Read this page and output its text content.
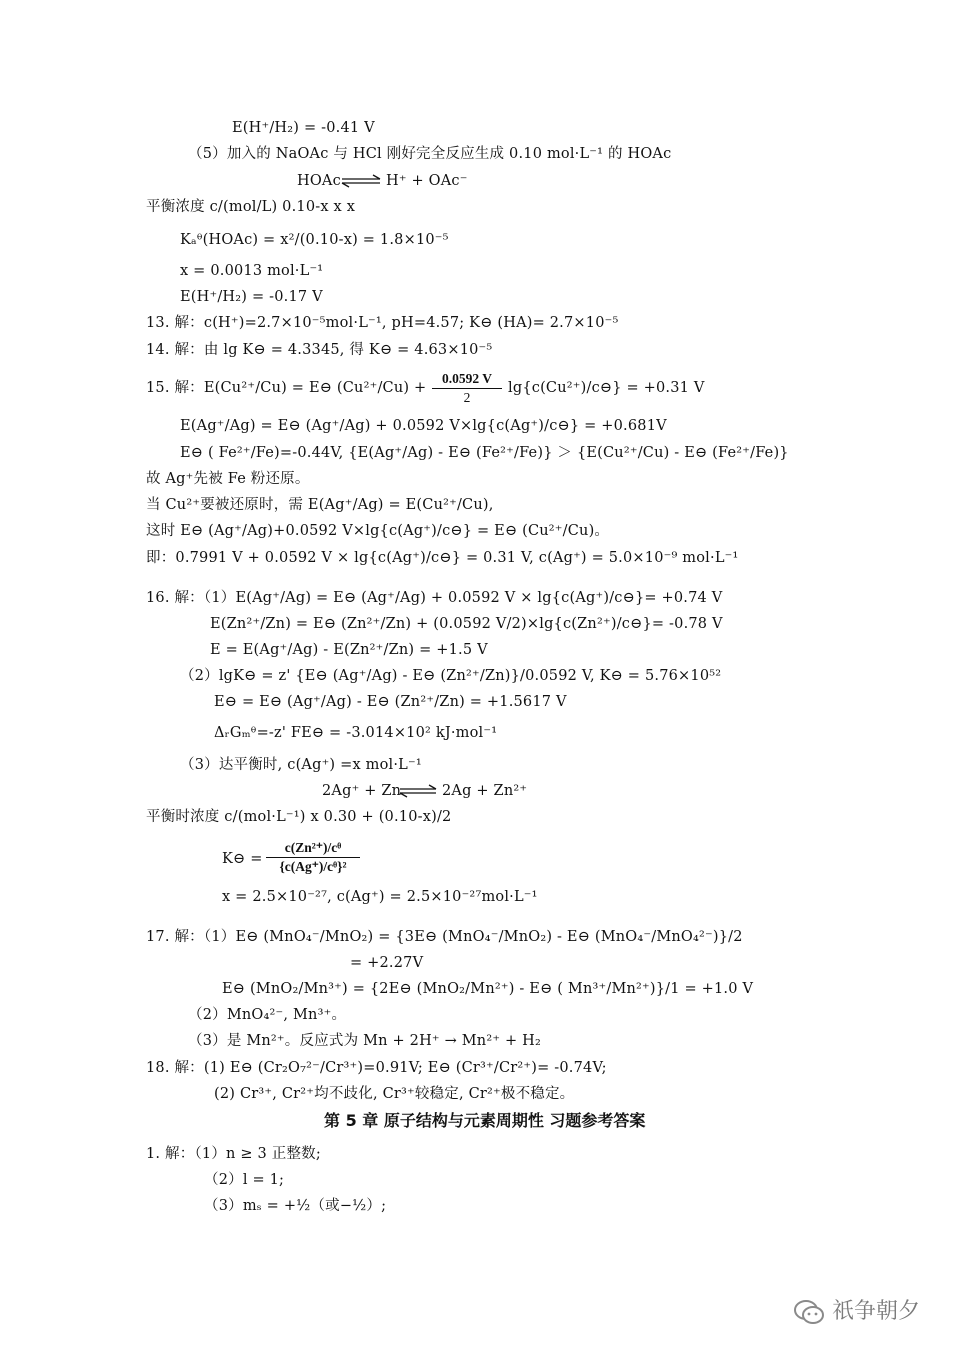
E(H⁺/H₂) = -0.41 V
（5）加入的 NaOAc 与 HCl 刚好完全反应生成 0.10 mol·L⁻¹ 的 HOAc
HOAc ⇌ H⁺ + OAc⁻
平衡浓度 c/(mol/L) 0.10-x x x
Kₐᶿ(HOAc) = x²/(0.10-x) = 1.8×10⁻⁵
x = 0.0013 mol·L⁻¹
E(H⁺/H₂) = -0.17 V
13. 解：c(H⁺)=2.7×10⁻⁵mol·L⁻¹, pH=4.57; K⊖ (HA)= 2.7×10⁻⁵
14. 解：由 lg K⊖ = 4.3345, 得 K⊖ = 4.63×10⁻⁵
15. 解：E(Cu²⁺/Cu) = E⊖ $(Cu^{2+}/Cu) + \frac{0.0592 V}{2}$ lg{c(Cu²⁺)/c⊖} = +0.31 V
E(Ag⁺/Ag) = E⊖ (Ag⁺/Ag) + 0.0592 V×lg{c(Ag⁺)/c⊖} = +0.681V
E⊖ ( Fe²⁺/Fe)=-0.44V, {E(Ag⁺/Ag) - E⊖ (Fe²⁺/Fe)} ＞ {E(Cu²⁺/Cu) - E⊖ (Fe²⁺/Fe)}
故 Ag⁺先被 Fe 粉还原。
当 Cu²⁺要被还原时，需 E(Ag⁺/Ag) = E(Cu²⁺/Cu),
这时 E⊖ (Ag⁺/Ag)+0.0592 V×lg{c(Ag⁺)/c⊖} = E⊖ (Cu²⁺/Cu)。
即：0.7991 V + 0.0592 V × lg{c(Ag⁺)/c⊖} = 0.31 V, c(Ag⁺) = 5.0×10⁻⁹ mol·L⁻¹
16. 解：（1）E(Ag⁺/Ag) = E⊖ (Ag⁺/Ag) + 0.0592 V × lg{c(Ag⁺)/c⊖}= +0.74 V
E(Zn²⁺/Zn) = E⊖ (Zn²⁺/Zn) + (0.0592 V/2)×lg{c(Zn²⁺)/c⊖}= -0.78 V
E = E(Ag⁺/Ag) - E(Zn²⁺/Zn) = +1.5 V
（2）lgK⊖ = z' {E⊖ (Ag⁺/Ag) - E⊖ (Zn²⁺/Zn)}/0.0592 V, K⊖ = 5.76×10⁵²
E⊖ = E⊖ (Ag⁺/Ag) - E⊖ (Zn²⁺/Zn) = +1.5617 V
ΔᵣGₘᶿ=-z' FE⊖ = -3.014×10² kJ·mol⁻¹
（3）达平衡时, c(Ag⁺) =x mol·L⁻¹
2Ag⁺ + Zn ⇌ 2Ag + Zn²⁺
平衡时浓度 c/(mol·L⁻¹) x 0.30 + (0.10-x)/2
K⊖ = $\frac{\text{c(Zn²⁺)/cᶿ}}{\text{\{c(Ag⁺)/cᶿ\}²}}$
x = 2.5×10⁻²⁷, c(Ag⁺) = 2.5×10⁻²⁷mol·L⁻¹
17. 解：（1）E⊖ (MnO₄⁻/MnO₂) = {3E⊖ (MnO₄⁻/MnO₂) - E⊖ (MnO₄⁻/MnO₄²⁻)}/2
= +2.27V
E⊖ (MnO₂/Mn³⁺) = {2E⊖ (MnO₂/Mn²⁺) - E⊖ ( Mn³⁺/Mn²⁺)}/1 = +1.0 V
（2）MnO₄²⁻, Mn³⁺。
（3）是 Mn²⁺。反应式为 Mn + 2H⁺ → Mn²⁺ + H₂
18. 解：(1) E⊖ (Cr₂O₇²⁻/Cr³⁺)=0.91V; E⊖ (Cr³⁺/Cr²⁺)= -0.74V;
(2) Cr³⁺, Cr²⁺均不歧化, Cr³⁺较稳定, Cr²⁺极不稳定。
第 5 章 原子结构与元素周期性 习题参考答案
1. 解：（1）n ≥ 3 正整数;
（2）l = 1;
（3）mₛ = +½（或−½）;
祇争朝夕
